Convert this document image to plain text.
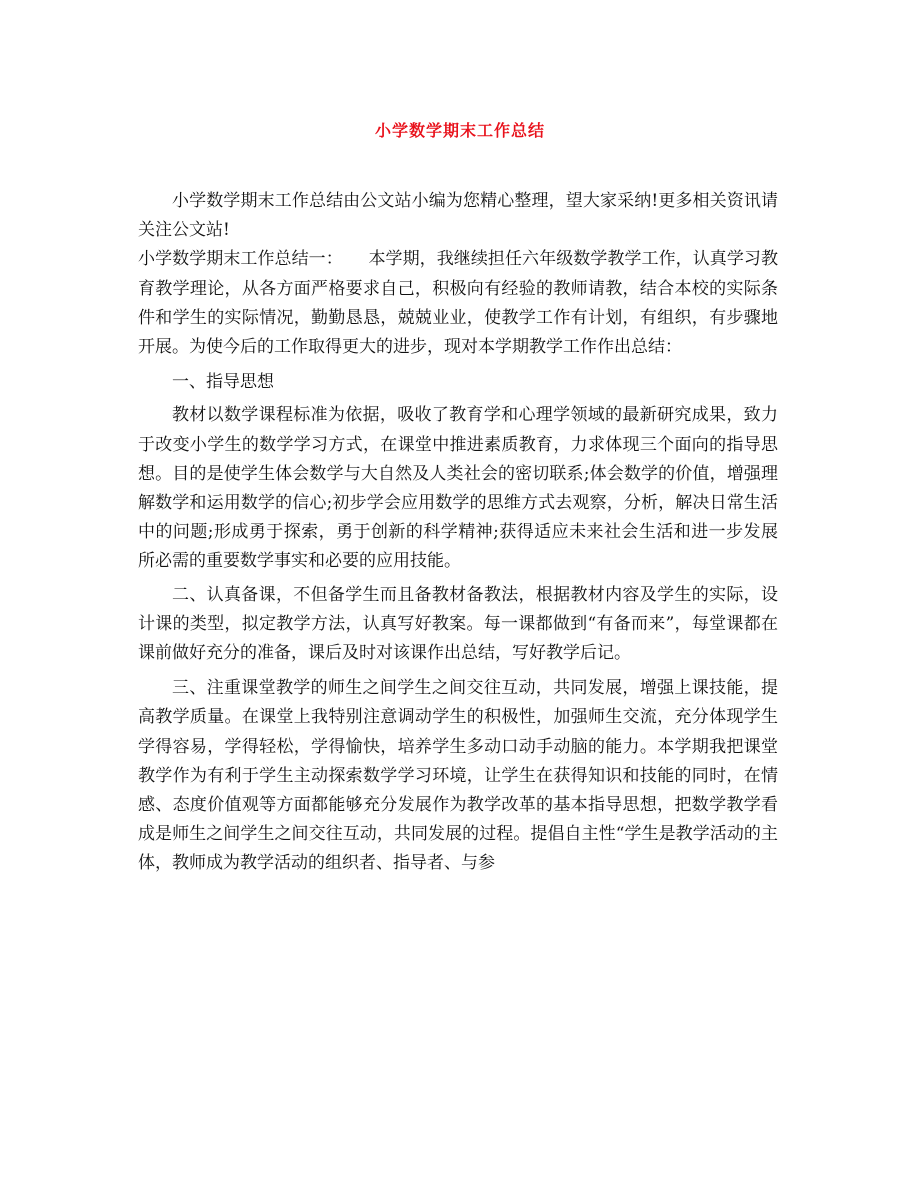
小学数学期末工作总结

小学数学期末工作总结由公文站小编为您精心整理，望大家采纳!更多相关资讯请关注公文站!

小学数学期末工作总结一：　　本学期，我继续担任六年级数学教学工作，认真学习教育教学理论，从各方面严格要求自己，积极向有经验的教师请教，结合本校的实际条件和学生的实际情况，勤勤恳恳，兢兢业业，使教学工作有计划，有组织，有步骤地开展。为使今后的工作取得更大的进步，现对本学期教学工作作出总结：

一、指导思想

教材以数学课程标准为依据，吸收了教育学和心理学领域的最新研究成果，致力于改变小学生的数学学习方式，在课堂中推进素质教育，力求体现三个面向的指导思想。目的是使学生体会数学与大自然及人类社会的密切联系;体会数学的价值，增强理解数学和运用数学的信心;初步学会应用数学的思维方式去观察，分析，解决日常生活中的问题;形成勇于探索，勇于创新的科学精神;获得适应未来社会生活和进一步发展所必需的重要数学事实和必要的应用技能。

二、认真备课，不但备学生而且备教材备教法，根据教材内容及学生的实际，设计课的类型，拟定教学方法，认真写好教案。每一课都做到“有备而来”，每堂课都在课前做好充分的准备，课后及时对该课作出总结，写好教学后记。

三、注重课堂教学的师生之间学生之间交往互动，共同发展，增强上课技能，提高教学质量。在课堂上我特别注意调动学生的积极性，加强师生交流，充分体现学生学得容易，学得轻松，学得愉快，培养学生多动口动手动脑的能力。本学期我把课堂教学作为有利于学生主动探索数学学习环境，让学生在获得知识和技能的同时，在情感、态度价值观等方面都能够充分发展作为教学改革的基本指导思想，把数学教学看成是师生之间学生之间交往互动，共同发展的过程。提倡自主性“学生是教学活动的主体，教师成为教学活动的组织者、指导者、与参
